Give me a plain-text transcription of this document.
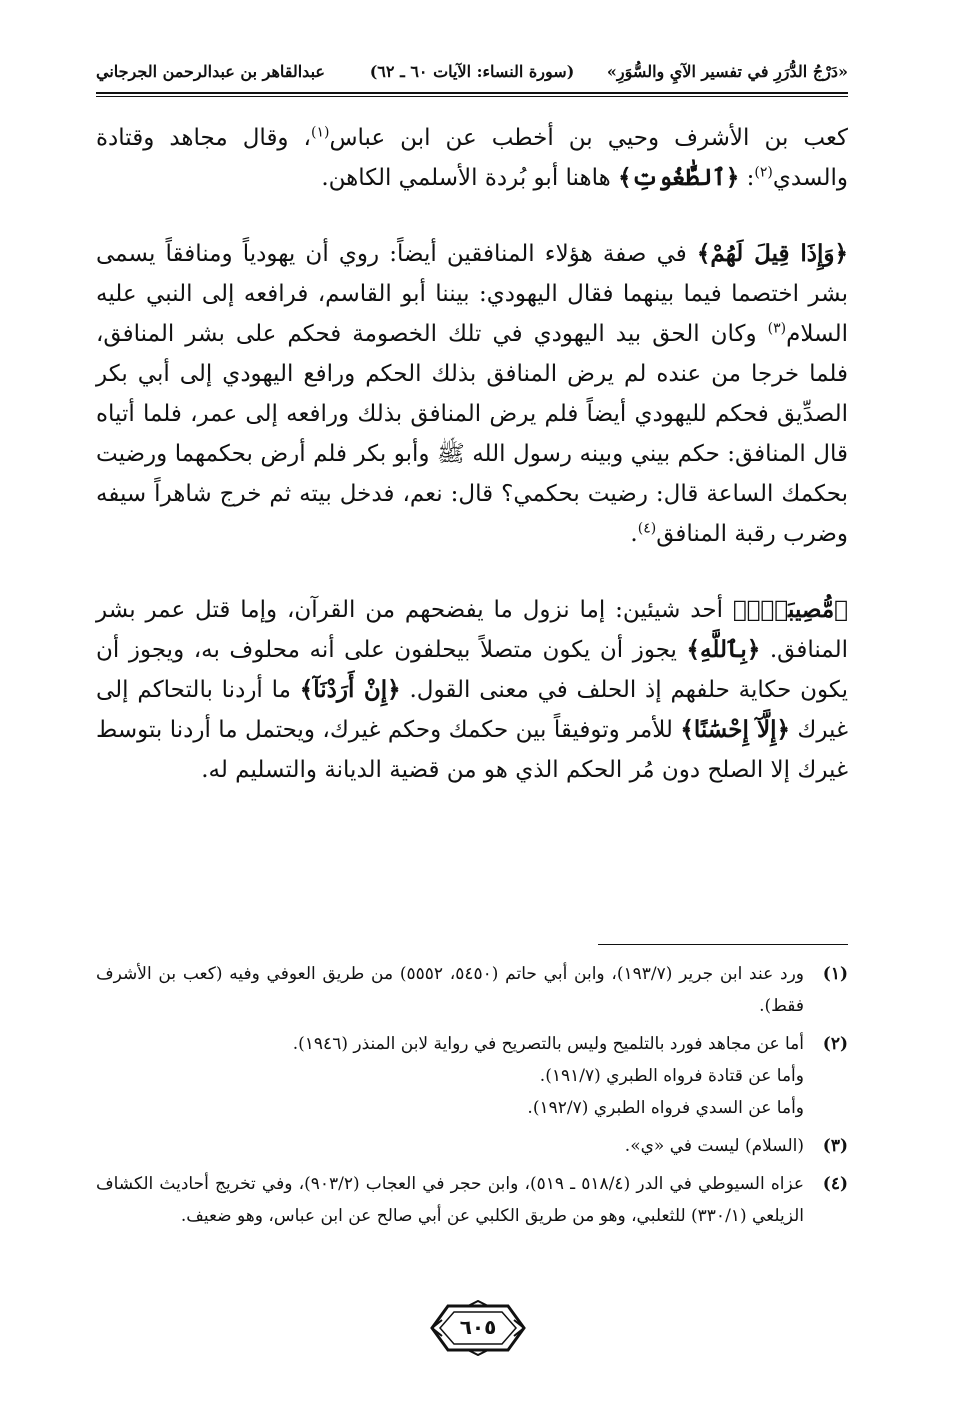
«دَرْجُ الدُّرَرِ في تفسير الآيِ والسُّوَرِ»
(سورة النساء: الآيات ٦٠ ـ ٦٢)
عبدالقاهر بن عبدالرحمن الجرجاني

كعب بن الأشرف وحيي بن أخطب عن ابن عباس$^{(١)}$، وقال مجاهد وقتادة والسدي$^{(٢)}$: ﴿ٱلطَّٰغُوتِ﴾ هاهنا أبو بُردة الأسلمي الكاهن.

﴿وَإِذَا قِيلَ لَهُمْ﴾ في صفة هؤلاء المنافقين أيضاً: روي أن يهودياً ومنافقاً يسمى بشر اختصما فيما بينهما فقال اليهودي: بيننا أبو القاسم، فرافعه إلى النبي عليه السلام$^{(٣)}$ وكان الحق بيد اليهودي في تلك الخصومة فحكم على بشر المنافق، فلما خرجا من عنده لم يرض المنافق بذلك الحكم ورافع اليهودي إلى أبي بكر الصدِّيق فحكم لليهودي أيضاً فلم يرض المنافق بذلك ورافعه إلى عمر، فلما أتياه قال المنافق: حكم بيني وبينه رسول الله ﷺ وأبو بكر فلم أرض بحكمهما ورضيت بحكمك الساعة قال: رضيت بحكمي؟ قال: نعم، فدخل بيته ثم خرج شاهراً سيفه وضرب رقبة المنافق$^{(٤)}$.

﴿مُّصِيبَةٌۢ﴾ أحد شيئين: إما نزول ما يفضحهم من القرآن، وإما قتل عمر بشر المنافق. ﴿بِٱللَّهِ﴾ يجوز أن يكون متصلاً بيحلفون على أنه محلوف به، ويجوز أن يكون حكاية حلفهم إذ الحلف في معنى القول. ﴿إِنْ أَرَدْنَآ﴾ ما أردنا بالتحاكم إلى غيرك ﴿إِلَّآ إِحْسَٰنًا﴾ للأمر وتوفيقاً بين حكمك وحكم غيرك، ويحتمل ما أردنا بتوسط غيرك إلا الصلح دون مُر الحكم الذي هو من قضية الديانة والتسليم له.

(١)
ورد عند ابن جرير (١٩٣/٧)، وابن أبي حاتم (٥٤٥٠، ٥٥٥٢) من طريق العوفي وفيه (كعب بن الأشرف فقط).
(٢)
أما عن مجاهد فورد بالتلميح وليس بالتصريح في رواية لابن المنذر (١٩٤٦).
وأما عن قتادة فرواه الطبري (١٩١/٧).
وأما عن السدي فرواه الطبري (١٩٢/٧).
(٣)
(السلام) ليست في «ي».
(٤)
عزاه السيوطي في الدر (٥١٨/٤ ـ ٥١٩)، وابن حجر في العجاب (٩٠٣/٢)، وفي تخريج أحاديث الكشاف الزيلعي (٣٣٠/١) للثعلبي، وهو من طريق الكلبي عن أبي صالح عن ابن عباس، وهو ضعيف.
٦٠٥
